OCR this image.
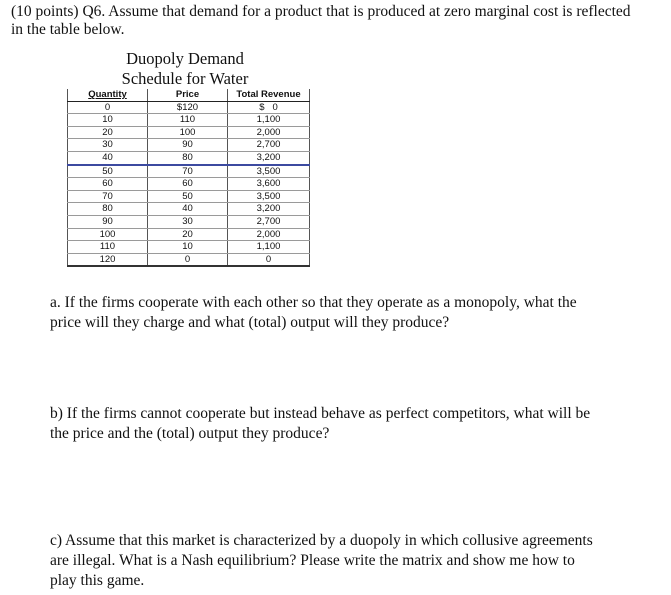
(10 points) Q6. Assume that demand for a product that is produced at zero marginal cost is reflected
in the table below.

Duopoly Demand

Schedule for Water

Quantity	Price	Total Revenue
0	$120	$   0
10	110	1,100
20	100	2,000
30	90	2,700
40	80	3,200
50	70	3,500
60	60	3,600
70	50	3,500
80	40	3,200
90	30	2,700
100	20	2,000
110	10	1,100
120	0	0

a. If the firms cooperate with each other so that they operate as a monopoly, what the
price will they charge and what (total) output will they produce?

b) If the firms cannot cooperate but instead behave as perfect competitors, what will be
the price and the (total) output they produce?

c) Assume that this market is characterized by a duopoly in which collusive agreements
are illegal. What is a Nash equilibrium? Please write the matrix and show me how to
play this game.
